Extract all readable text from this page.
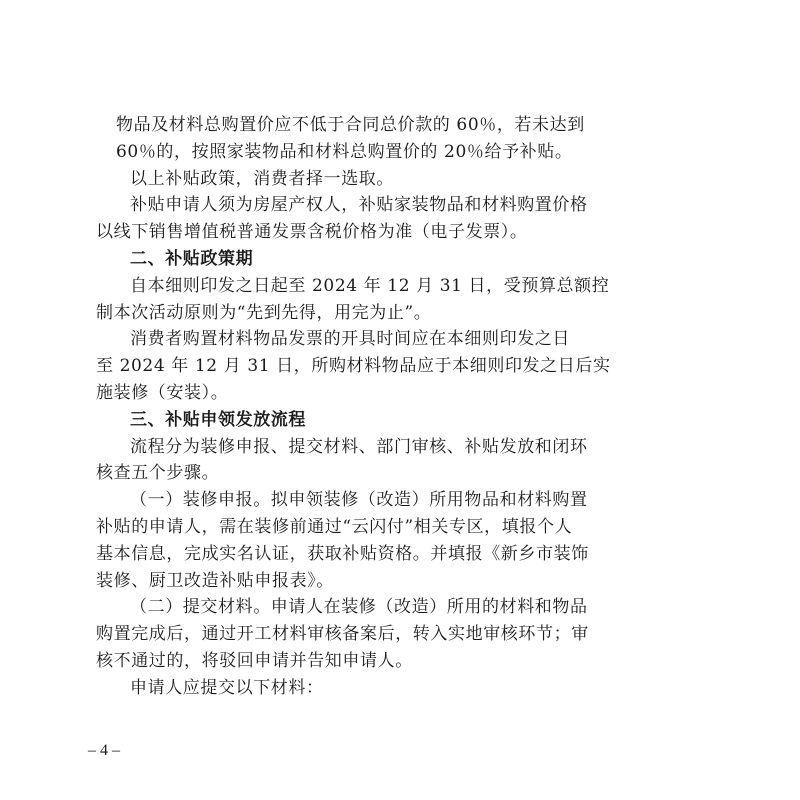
物品及材料总购置价应不低于合同总价款的 60％，若未达到
60％的，按照家装物品和材料总购置价的 20％给予补贴。
以上补贴政策，消费者择一选取。
补贴申请人须为房屋产权人，补贴家装物品和材料购置价格
以线下销售增值税普通发票含税价格为准（电子发票）。
二、补贴政策期
自本细则印发之日起至 2024 年 12 月 31 日，受预算总额控
制本次活动原则为“先到先得，用完为止”。
消费者购置材料物品发票的开具时间应在本细则印发之日
至 2024 年 12 月 31 日，所购材料物品应于本细则印发之日后实
施装修（安装）。
三、补贴申领发放流程
流程分为装修申报、提交材料、部门审核、补贴发放和闭环
核查五个步骤。
（一）装修申报。拟申领装修（改造）所用物品和材料购置
补贴的申请人，需在装修前通过“云闪付”相关专区，填报个人
基本信息，完成实名认证，获取补贴资格。并填报《新乡市装饰
装修、厨卫改造补贴申报表》。
（二）提交材料。申请人在装修（改造）所用的材料和物品
购置完成后，通过开工材料审核备案后，转入实地审核环节；审
核不通过的，将驳回申请并告知申请人。
申请人应提交以下材料：
– 4 –
